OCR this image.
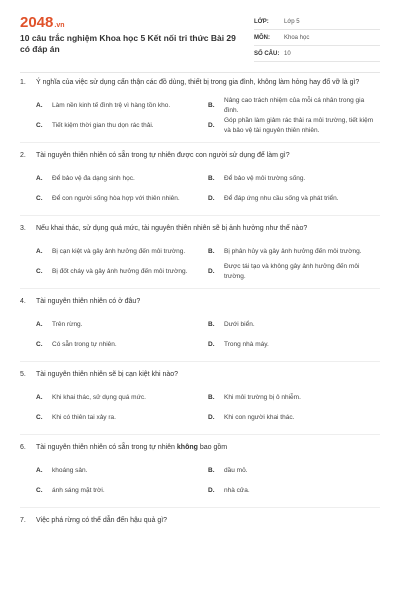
2048.vn
10 câu trắc nghiệm Khoa học 5 Kết nối tri thức Bài 29 có đáp án
LỚP:	Lớp 5
MÔN:	Khoa học
SỐ CÂU: 10
1.	Ý nghĩa của việc sử dụng cẩn thận các đồ dùng, thiết bị trong gia đình, không làm hỏng hay đổ vỡ là gì?
A.	Làm nền kinh tế đình trệ vì hàng tồn kho.	B.
Nâng cao trách nhiệm của mỗi cá nhân trong gia đình.
C.	Tiết kiệm thời gian thu dọn rác thải.	D.
Góp phần làm giảm rác thải ra môi trường, tiết kiệm và bảo vệ tài nguyên thiên nhiên.
2.	Tài nguyên thiên nhiên có sẵn trong tự nhiên được con người sử dụng để làm gì?
A.	Để bảo vệ đa dạng sinh học.	B.	Để bảo vệ môi trường sống.
C.	Để con người sống hòa hợp với thiên nhiên.	D.	Để đáp ứng nhu cầu sống và phát triển.
3.	Nếu khai thác, sử dụng quá mức, tài nguyên thiên nhiên sẽ bị ảnh hưởng như thế nào?
A.	Bị cạn kiệt và gây ảnh hưởng đến môi trường.	B.	Bị phân hủy và gây ảnh hưởng đến môi trường.
C.	Bị đốt cháy và gây ảnh hưởng đến môi trường.	D.
Được tái tạo và không gây ảnh hưởng đến môi trường.
4.	Tài nguyên thiên nhiên có ở đâu?
A.	Trên rừng.	B.	Dưới biển.
C.	Có sẵn trong tự nhiên.	D.	Trong nhà máy.
5.	Tài nguyên thiên nhiên sẽ bị cạn kiệt khi nào?
A.	Khi khai thác, sử dụng quá mức.	B.	Khi môi trường bị ô nhiễm.
C.	Khi có thiên tai xảy ra.	D.	Khi con người khai thác.
6.	Tài nguyên thiên nhiên có sẵn trong tự nhiên không bao gồm
A.	khoáng sản.	B.	dầu mỏ.
C.	ánh sáng mặt trời.	D.	nhà cửa.
7.	Việc phá rừng có thể dẫn đến hậu quả gì?
